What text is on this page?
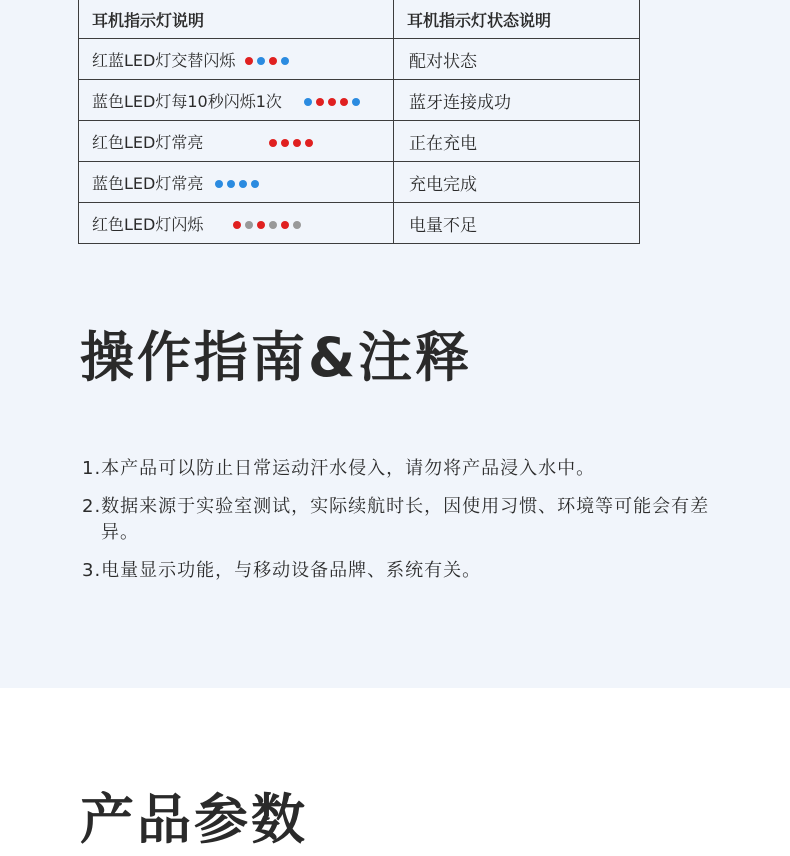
耳机指示灯说明	耳机指示灯状态说明
红蓝LED灯交替闪烁	配对状态
蓝色LED灯每10秒闪烁1次	蓝牙连接成功
红色LED灯常亮	正在充电
蓝色LED灯常亮	充电完成
红色LED灯闪烁	电量不足
操作指南&注释
1.本产品可以防止日常运动汗水侵入，请勿将产品浸入水中。
2.数据来源于实验室测试，实际续航时长，因使用习惯、环境等可能会有差异。
3.电量显示功能，与移动设备品牌、系统有关。
产品参数
